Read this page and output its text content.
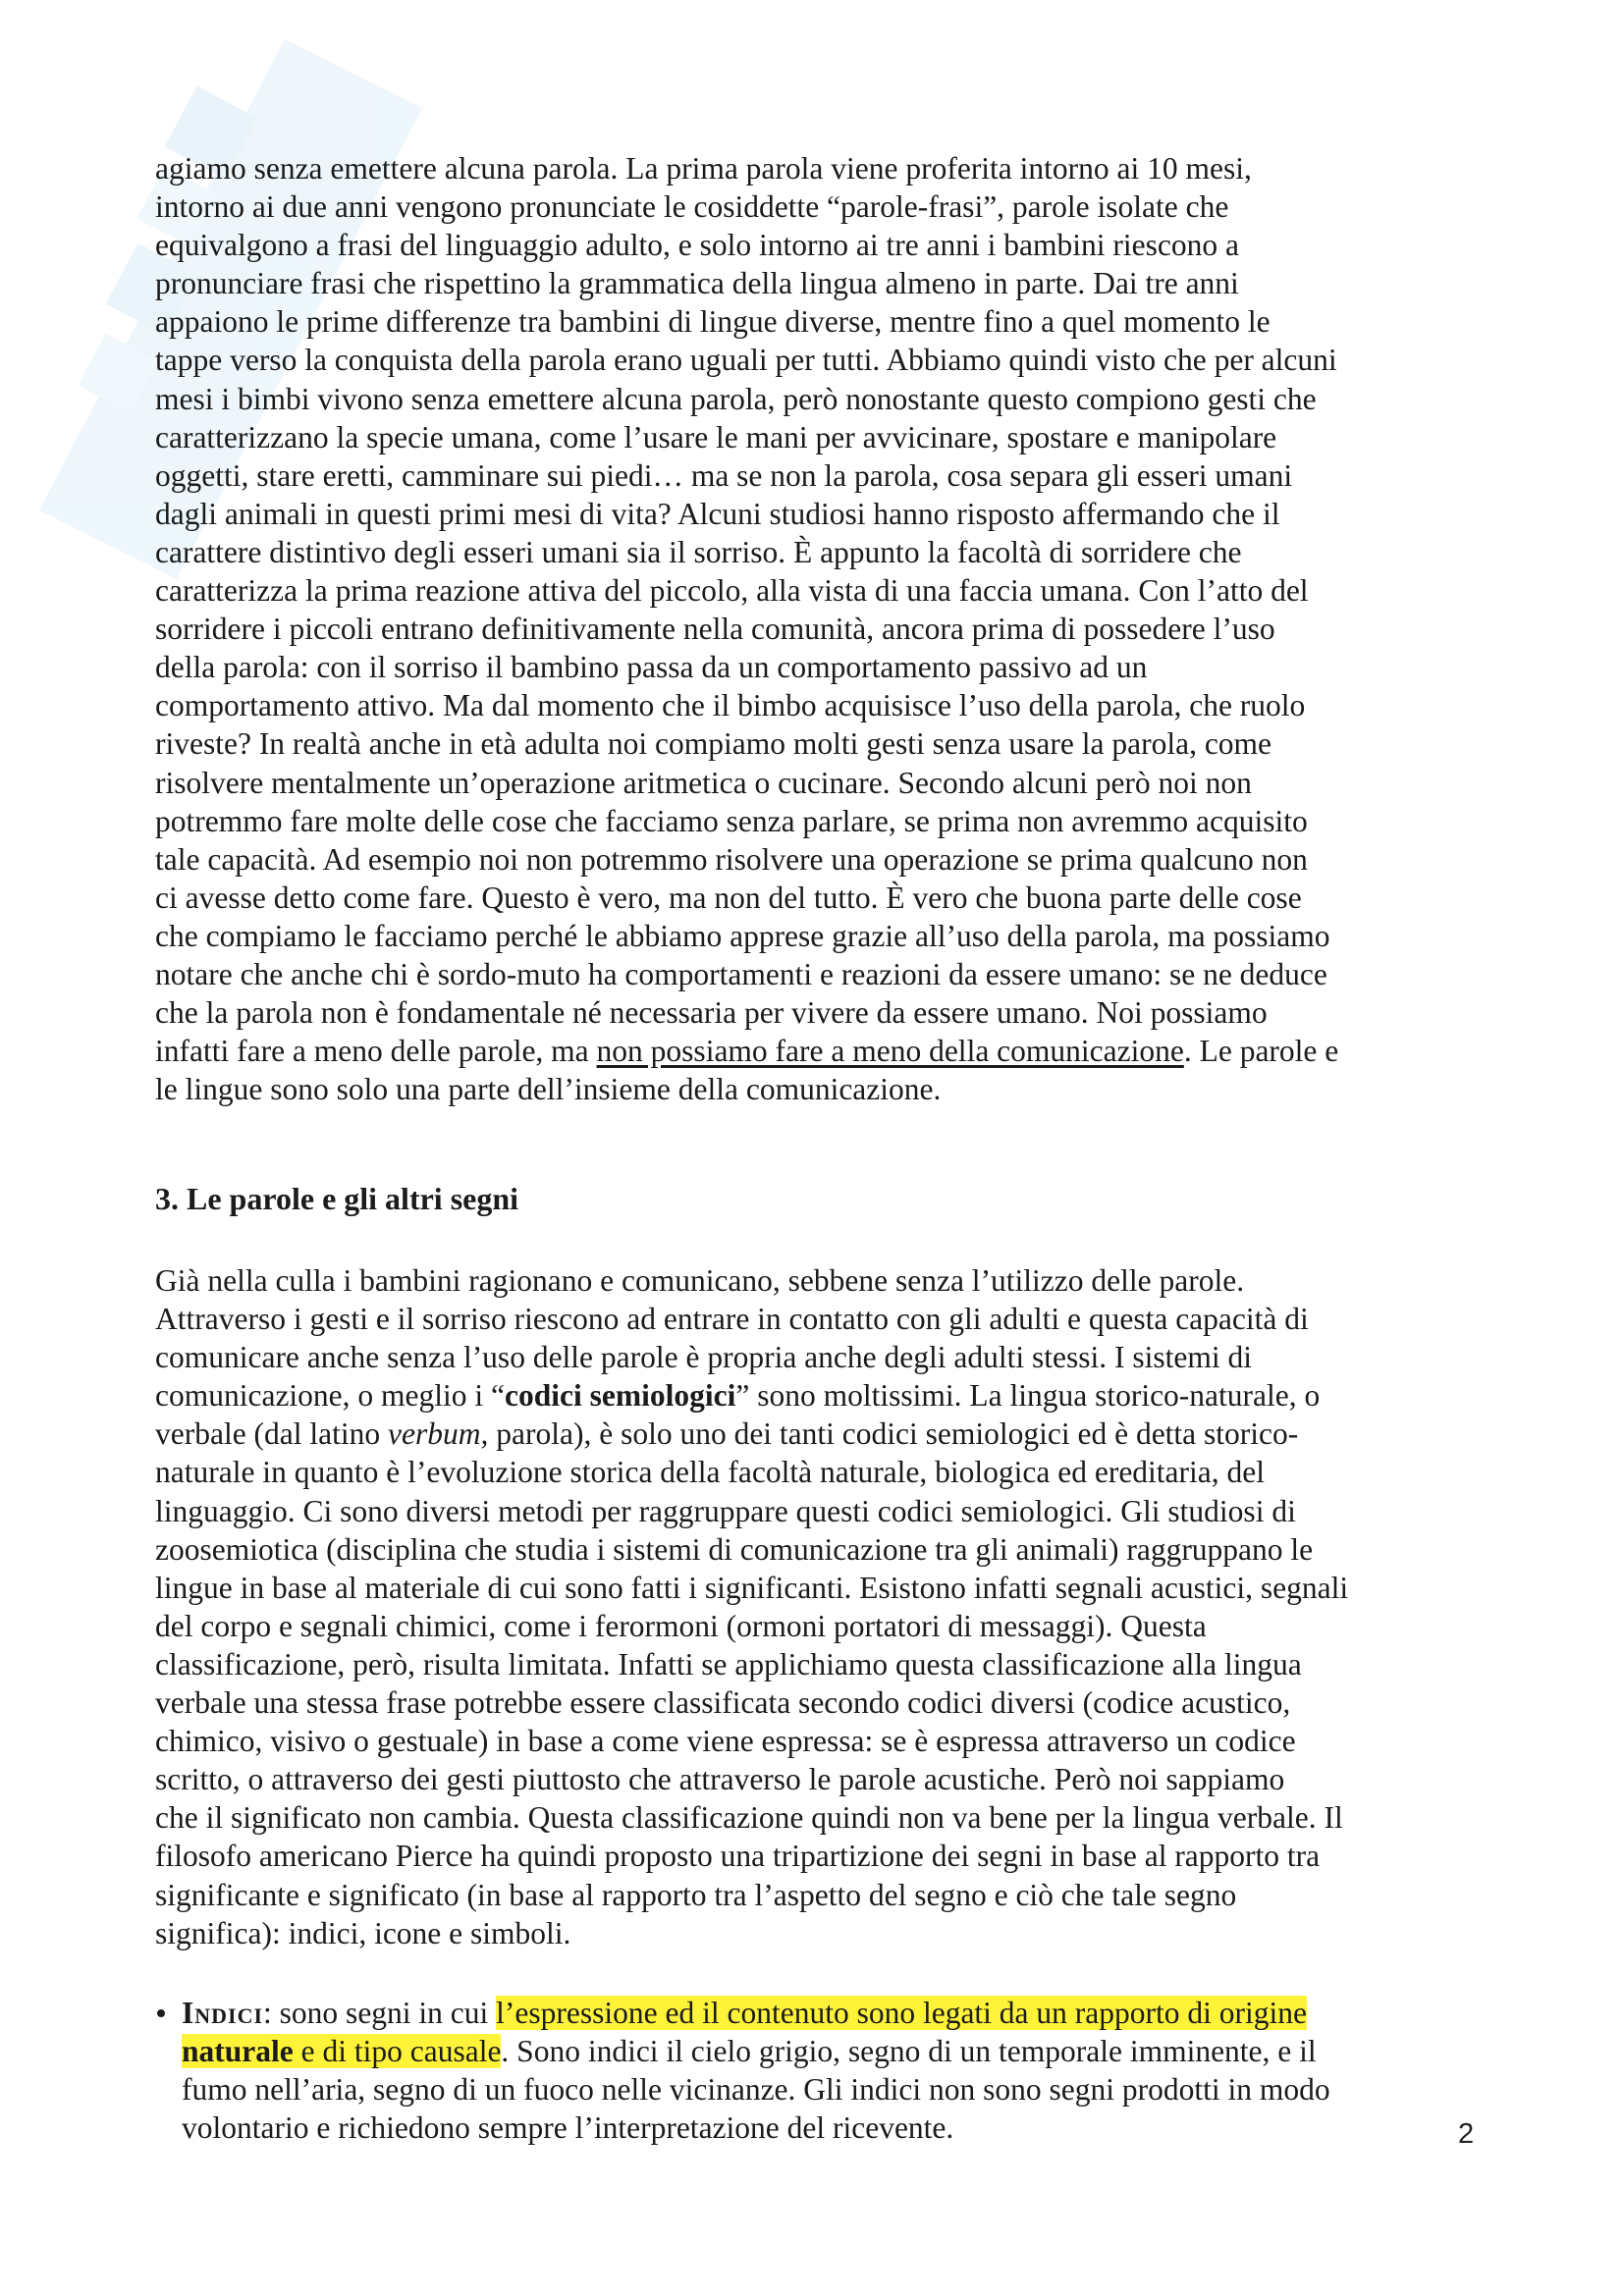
agiamo senza emettere alcuna parola. La prima parola viene proferita intorno ai 10 mesi,
intorno ai due anni vengono pronunciate le cosiddette “parole-frasi”, parole isolate che
equivalgono a frasi del linguaggio adulto, e solo intorno ai tre anni i bambini riescono a
pronunciare frasi che rispettino la grammatica della lingua almeno in parte. Dai tre anni
appaiono le prime differenze tra bambini di lingue diverse, mentre fino a quel momento le
tappe verso la conquista della parola erano uguali per tutti. Abbiamo quindi visto che per alcuni
mesi i bimbi vivono senza emettere alcuna parola, però nonostante questo compiono gesti che
caratterizzano la specie umana, come l’usare le mani per avvicinare, spostare e manipolare
oggetti, stare eretti, camminare sui piedi… ma se non la parola, cosa separa gli esseri umani
dagli animali in questi primi mesi di vita? Alcuni studiosi hanno risposto affermando che il
carattere distintivo degli esseri umani sia il sorriso. È appunto la facoltà di sorridere che
caratterizza la prima reazione attiva del piccolo, alla vista di una faccia umana. Con l’atto del
sorridere i piccoli entrano definitivamente nella comunità, ancora prima di possedere l’uso
della parola: con il sorriso il bambino passa da un comportamento passivo ad un
comportamento attivo. Ma dal momento che il bimbo acquisisce l’uso della parola, che ruolo
riveste? In realtà anche in età adulta noi compiamo molti gesti senza usare la parola, come
risolvere mentalmente un’operazione aritmetica o cucinare. Secondo alcuni però noi non
potremmo fare molte delle cose che facciamo senza parlare, se prima non avremmo acquisito
tale capacità. Ad esempio noi non potremmo risolvere una operazione se prima qualcuno non
ci avesse detto come fare. Questo è vero, ma non del tutto. È vero che buona parte delle cose
che compiamo le facciamo perché le abbiamo apprese grazie all’uso della parola, ma possiamo
notare che anche chi è sordo-muto ha comportamenti e reazioni da essere umano: se ne deduce
che la parola non è fondamentale né necessaria per vivere da essere umano. Noi possiamo
infatti fare a meno delle parole, ma non possiamo fare a meno della comunicazione. Le parole e
le lingue sono solo una parte dell’insieme della comunicazione.
3. Le parole e gli altri segni
Già nella culla i bambini ragionano e comunicano, sebbene senza l’utilizzo delle parole.
Attraverso i gesti e il sorriso riescono ad entrare in contatto con gli adulti e questa capacità di
comunicare anche senza l’uso delle parole è propria anche degli adulti stessi. I sistemi di
comunicazione, o meglio i “codici semiologici” sono moltissimi. La lingua storico-naturale, o
verbale (dal latino verbum, parola), è solo uno dei tanti codici semiologici ed è detta storico-
naturale in quanto è l’evoluzione storica della facoltà naturale, biologica ed ereditaria, del
linguaggio. Ci sono diversi metodi per raggruppare questi codici semiologici. Gli studiosi di
zoosemiotica (disciplina che studia i sistemi di comunicazione tra gli animali) raggruppano le
lingue in base al materiale di cui sono fatti i significanti. Esistono infatti segnali acustici, segnali
del corpo e segnali chimici, come i ferormoni (ormoni portatori di messaggi). Questa
classificazione, però, risulta limitata. Infatti se applichiamo questa classificazione alla lingua
verbale una stessa frase potrebbe essere classificata secondo codici diversi (codice acustico,
chimico, visivo o gestuale) in base a come viene espressa: se è espressa attraverso un codice
scritto, o attraverso dei gesti piuttosto che attraverso le parole acustiche. Però noi sappiamo
che il significato non cambia. Questa classificazione quindi non va bene per la lingua verbale. Il
filosofo americano Pierce ha quindi proposto una tripartizione dei segni in base al rapporto tra
significante e significato (in base al rapporto tra l’aspetto del segno e ciò che tale segno
significa): indici, icone e simboli.
Indici: sono segni in cui l’espressione ed il contenuto sono legati da un rapporto di origine
naturale e di tipo causale. Sono indici il cielo grigio, segno di un temporale imminente, e il
fumo nell’aria, segno di un fuoco nelle vicinanze. Gli indici non sono segni prodotti in modo
volontario e richiedono sempre l’interpretazione del ricevente.	2
